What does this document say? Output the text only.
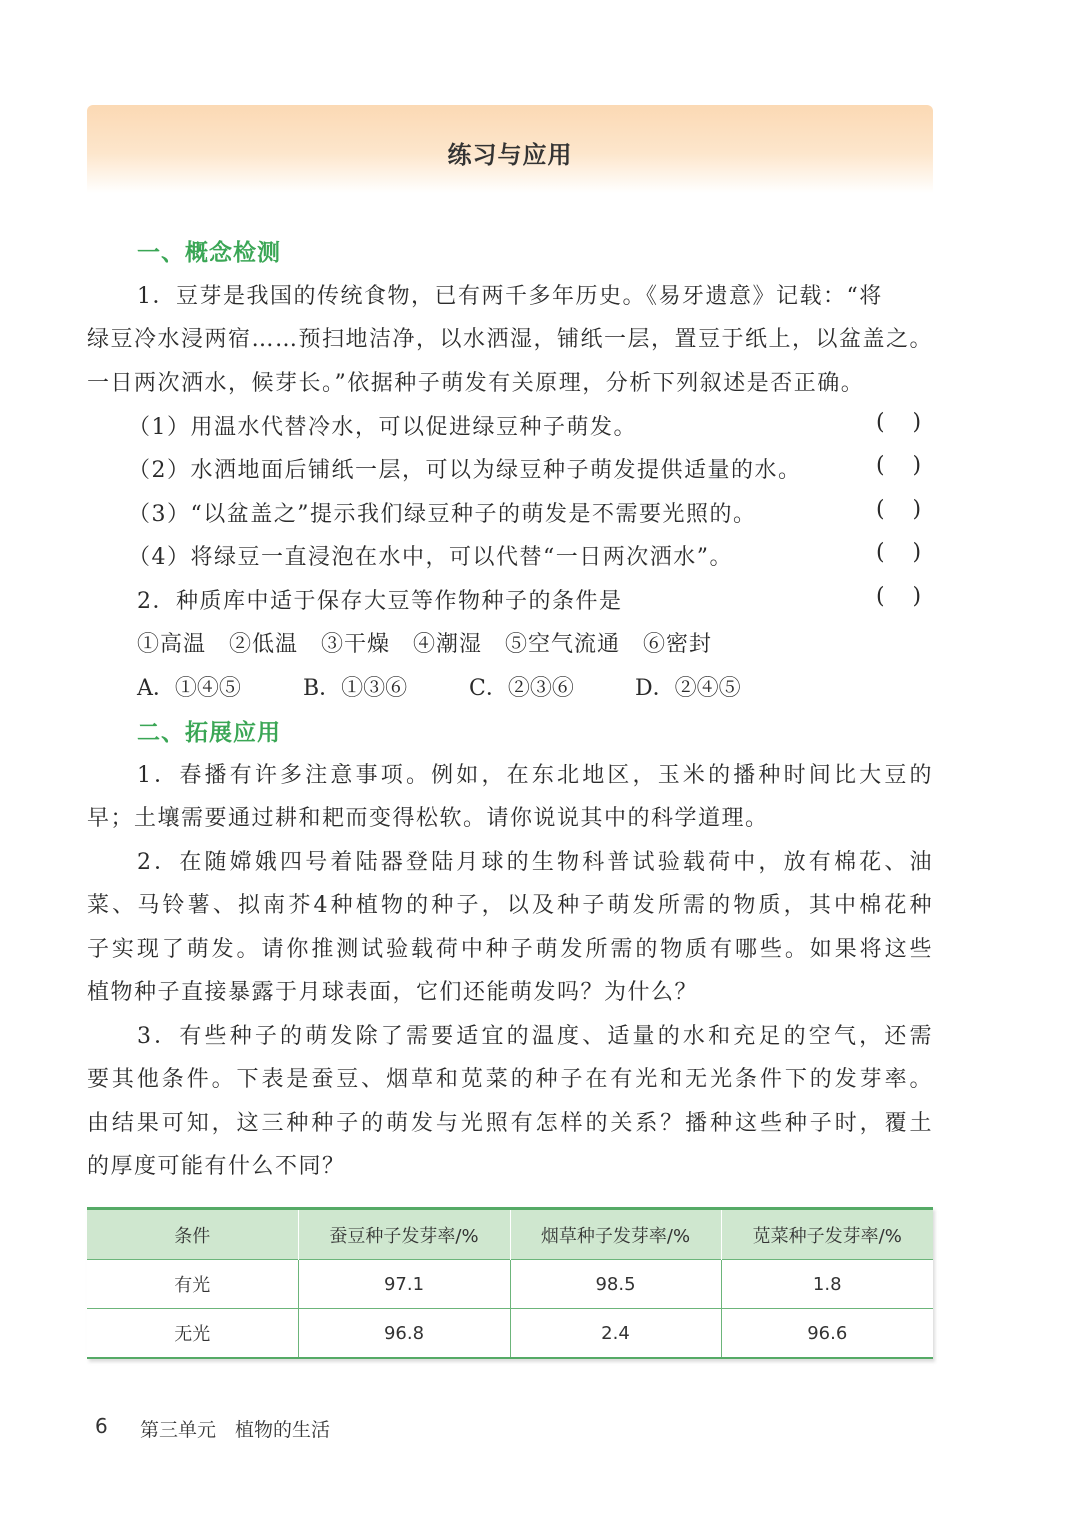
练习与应用
一、概念检测
1．豆芽是我国的传统食物，已有两千多年历史。《易牙遗意》记载：“将
绿豆冷水浸两宿……预扫地洁净，以水洒湿，铺纸一层，置豆于纸上，以盆盖之。
一日两次洒水，候芽长。”依据种子萌发有关原理，分析下列叙述是否正确。
（1）用温水代替冷水，可以促进绿豆种子萌发。	(    )
（2）水洒地面后铺纸一层，可以为绿豆种子萌发提供适量的水。	(    )
（3）“以盆盖之”提示我们绿豆种子的萌发是不需要光照的。	(    )
（4）将绿豆一直浸泡在水中，可以代替“一日两次洒水”。	(    )
2．种质库中适于保存大豆等作物种子的条件是	(    )
①高温　②低温　③干燥　④潮湿　⑤空气流通　⑥密封
A．①④⑤	B．①③⑥	C．②③⑥	D．②④⑤
二、拓展应用
1．春播有许多注意事项。例如，在东北地区，玉米的播种时间比大豆的
早；土壤需要通过耕和耙而变得松软。请你说说其中的科学道理。
2．在随嫦娥四号着陆器登陆月球的生物科普试验载荷中，放有棉花、油
菜、马铃薯、拟南芥4种植物的种子，以及种子萌发所需的物质，其中棉花种
子实现了萌发。请你推测试验载荷中种子萌发所需的物质有哪些。如果将这些
植物种子直接暴露于月球表面，它们还能萌发吗？为什么？
3．有些种子的萌发除了需要适宜的温度、适量的水和充足的空气，还需
要其他条件。下表是蚕豆、烟草和苋菜的种子在有光和无光条件下的发芽率。
由结果可知，这三种种子的萌发与光照有怎样的关系？播种这些种子时，覆土
的厚度可能有什么不同？
条件	蚕豆种子发芽率/%	烟草种子发芽率/%	苋菜种子发芽率/%
有光	97.1	98.5	1.8
无光	96.8	2.4	96.6
6 第三单元　植物的生活
